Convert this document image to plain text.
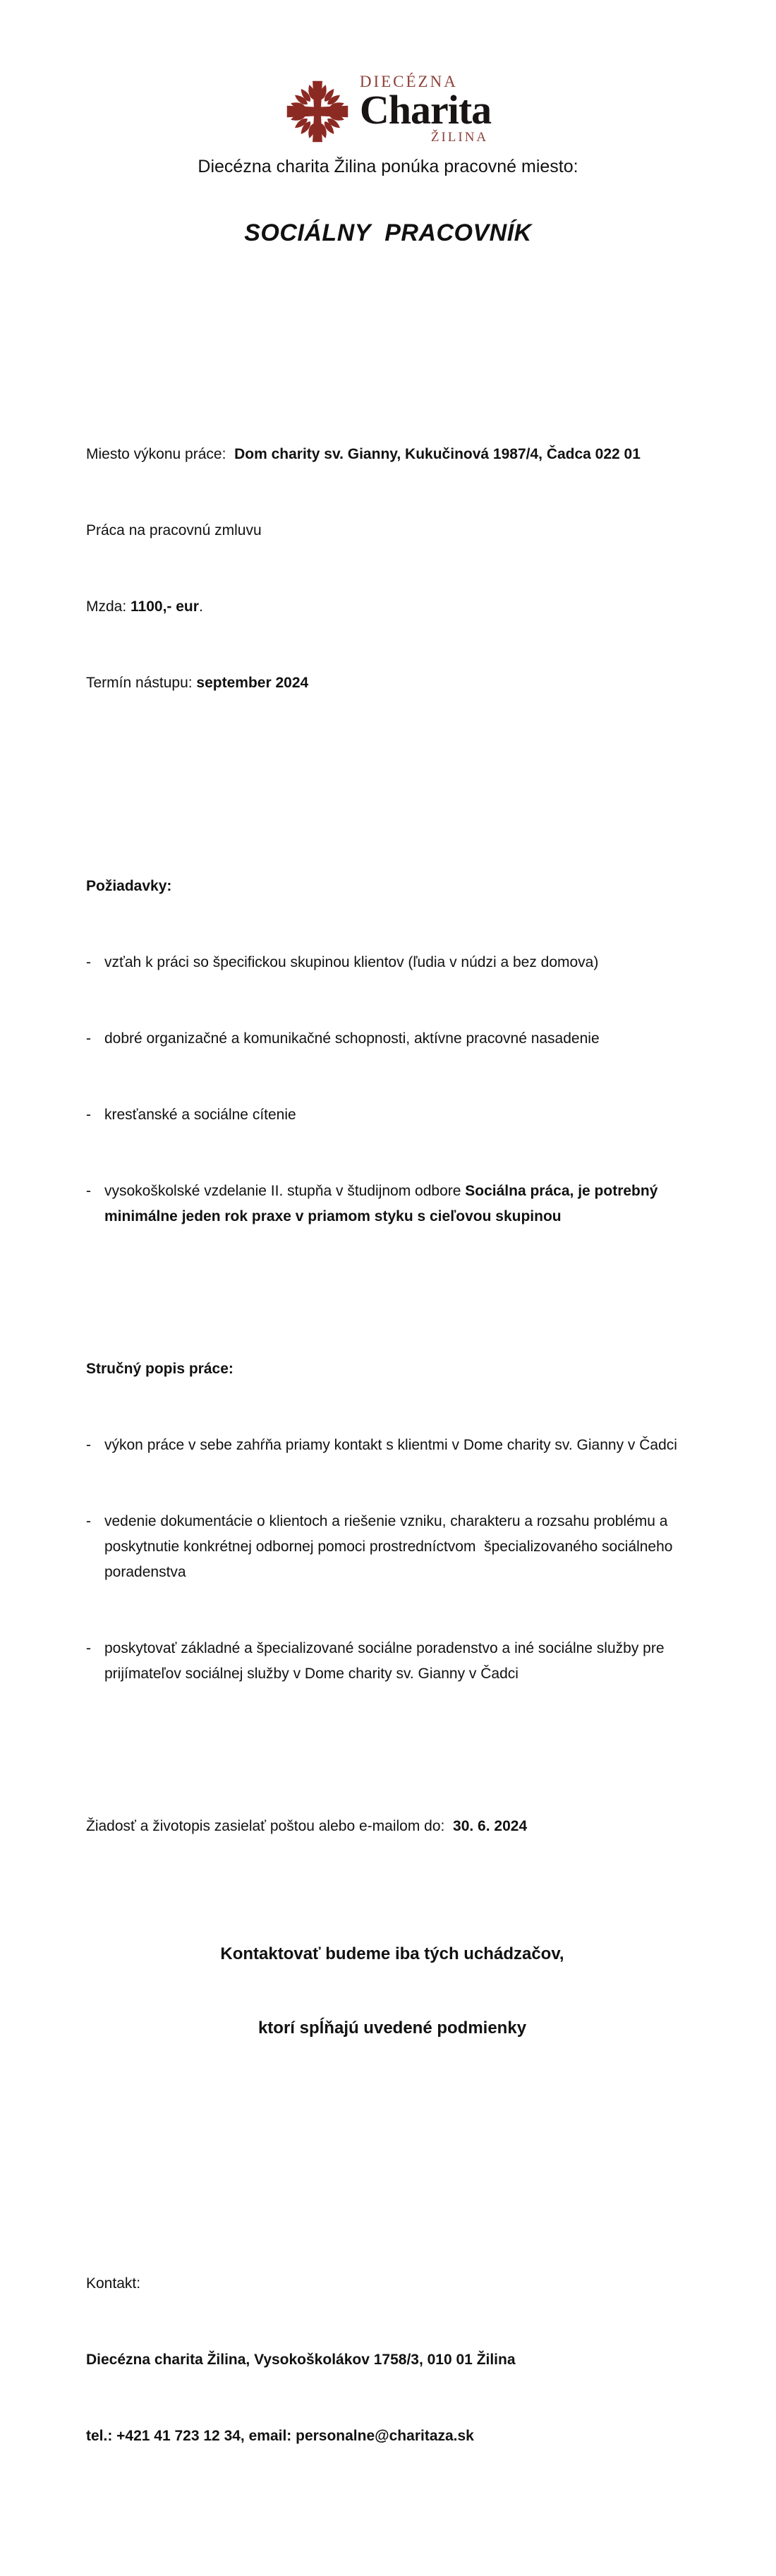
DIECÉZNA
Charita
ŽILINA
Diecézna charita Žilina ponúka pracovné miesto:
SOCIÁLNY  PRACOVNÍK

Miesto výkonu práce:  Dom charity sv. Gianny, Kukučinová 1987/4, Čadca 022 01

Práca na pracovnú zmluvu

Mzda: 1100,- eur.

Termín nástupu: september 2024

Požiadavky:

- vzťah k práci so špecifickou skupinou klientov (ľudia v núdzi a bez domova)

- dobré organizačné a komunikačné schopnosti, aktívne pracovné nasadenie

- kresťanské a sociálne cítenie

- vysokoškolské vzdelanie II. stupňa v študijnom odbore Sociálna práca, je potrebný minimálne jeden rok praxe v priamom styku s cieľovou skupinou

Stručný popis práce:

- výkon práce v sebe zahŕňa priamy kontakt s klientmi v Dome charity sv. Gianny v Čadci

- vedenie dokumentácie o klientoch a riešenie vzniku, charakteru a rozsahu problému a poskytnutie konkrétnej odbornej pomoci prostredníctvom  špecializovaného sociálneho poradenstva

- poskytovať základné a špecializované sociálne poradenstvo a iné sociálne služby pre prijímateľov sociálnej služby v Dome charity sv. Gianny v Čadci

Žiadosť a životopis zasielať poštou alebo e-mailom do:  30. 6. 2024

Kontaktovať budeme iba tých uchádzačov,

ktorí spĺňajú uvedené podmienky

Kontakt:

Diecézna charita Žilina, Vysokoškolákov 1758/3, 010 01 Žilina

tel.: +421 41 723 12 34, email: personalne@charitaza.sk
